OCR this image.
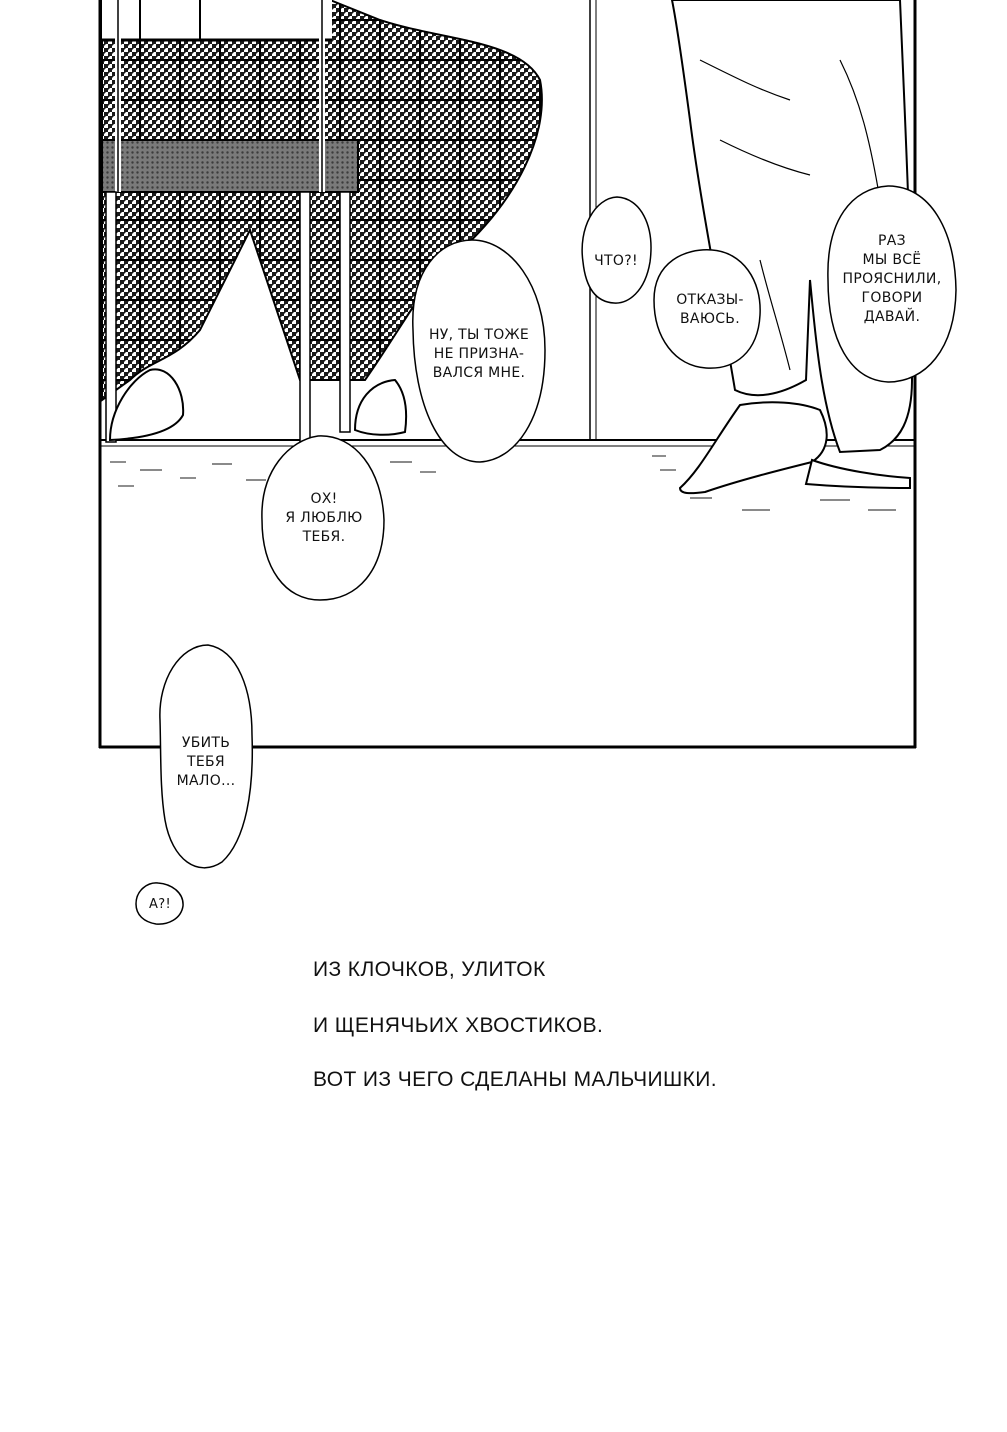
ЧТО?!
НУ, ТЫ ТОЖЕ
НЕ ПРИЗНА-
ВАЛСЯ МНЕ.
ОТКАЗЫ-
ВАЮСЬ.
РАЗ
МЫ ВСЁ
ПРОЯСНИЛИ,
ГОВОРИ
ДАВАЙ.
ОХ!
Я ЛЮБЛЮ
ТЕБЯ.
УБИТЬ
ТЕБЯ
МАЛО...
А?!
ИЗ КЛОЧКОВ, УЛИТОК
И ЩЕНЯЧЬИХ ХВОСТИКОВ.
ВОТ ИЗ ЧЕГО СДЕЛАНЫ МАЛЬЧИШКИ.
